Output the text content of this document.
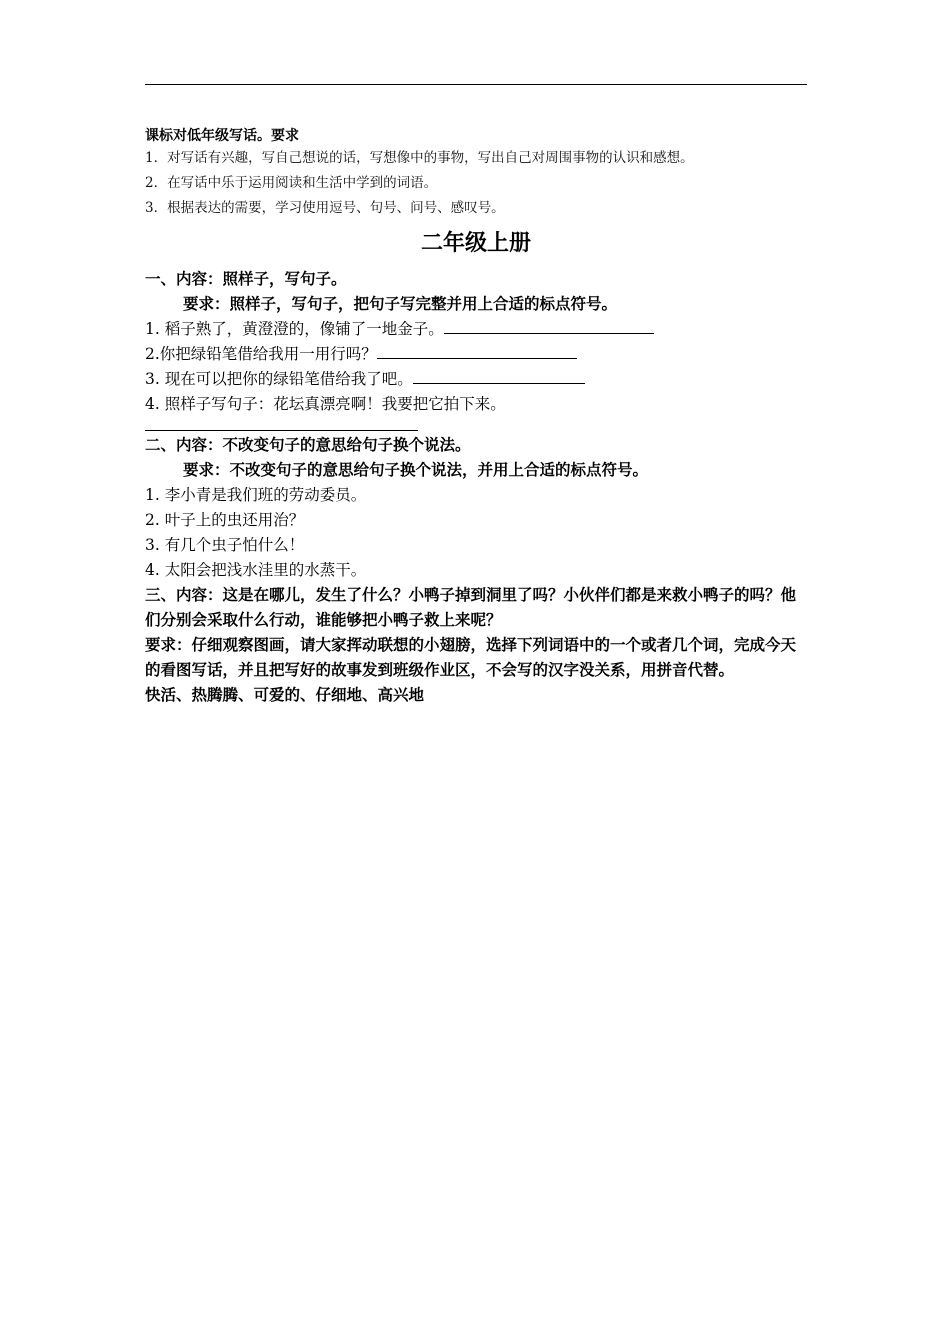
课标对低年级写话。要求
1．对写话有兴趣，写自己想说的话，写想像中的事物，写出自己对周围事物的认识和感想。
2．在写话中乐于运用阅读和生活中学到的词语。
3．根据表达的需要，学习使用逗号、句号、问号、感叹号。
二年级上册
一、内容：照样子，写句子。
要求：照样子，写句子，把句子写完整并用上合适的标点符号。
1. 稻子熟了，黄澄澄的，像铺了一地金子。
2.你把绿铅笔借给我用一用行吗？
3. 现在可以把你的绿铅笔借给我了吧。
4. 照样子写句子：花坛真漂亮啊！我要把它拍下来。
二、内容：不改变句子的意思给句子换个说法。
要求：不改变句子的意思给句子换个说法，并用上合适的标点符号。
1. 李小青是我们班的劳动委员。
2. 叶子上的虫还用治？
3. 有几个虫子怕什么！
4. 太阳会把浅水洼里的水蒸干。
三、内容：这是在哪儿，发生了什么？小鸭子掉到洞里了吗？小伙伴们都是来救小鸭子的吗？他们分别会采取什么行动，谁能够把小鸭子救上来呢？
要求：仔细观察图画，请大家挥动联想的小翅膀，选择下列词语中的一个或者几个词，完成今天的看图写话，并且把写好的故事发到班级作业区，不会写的汉字没关系，用拼音代替。
快活、热腾腾、可爱的、仔细地、高兴地
